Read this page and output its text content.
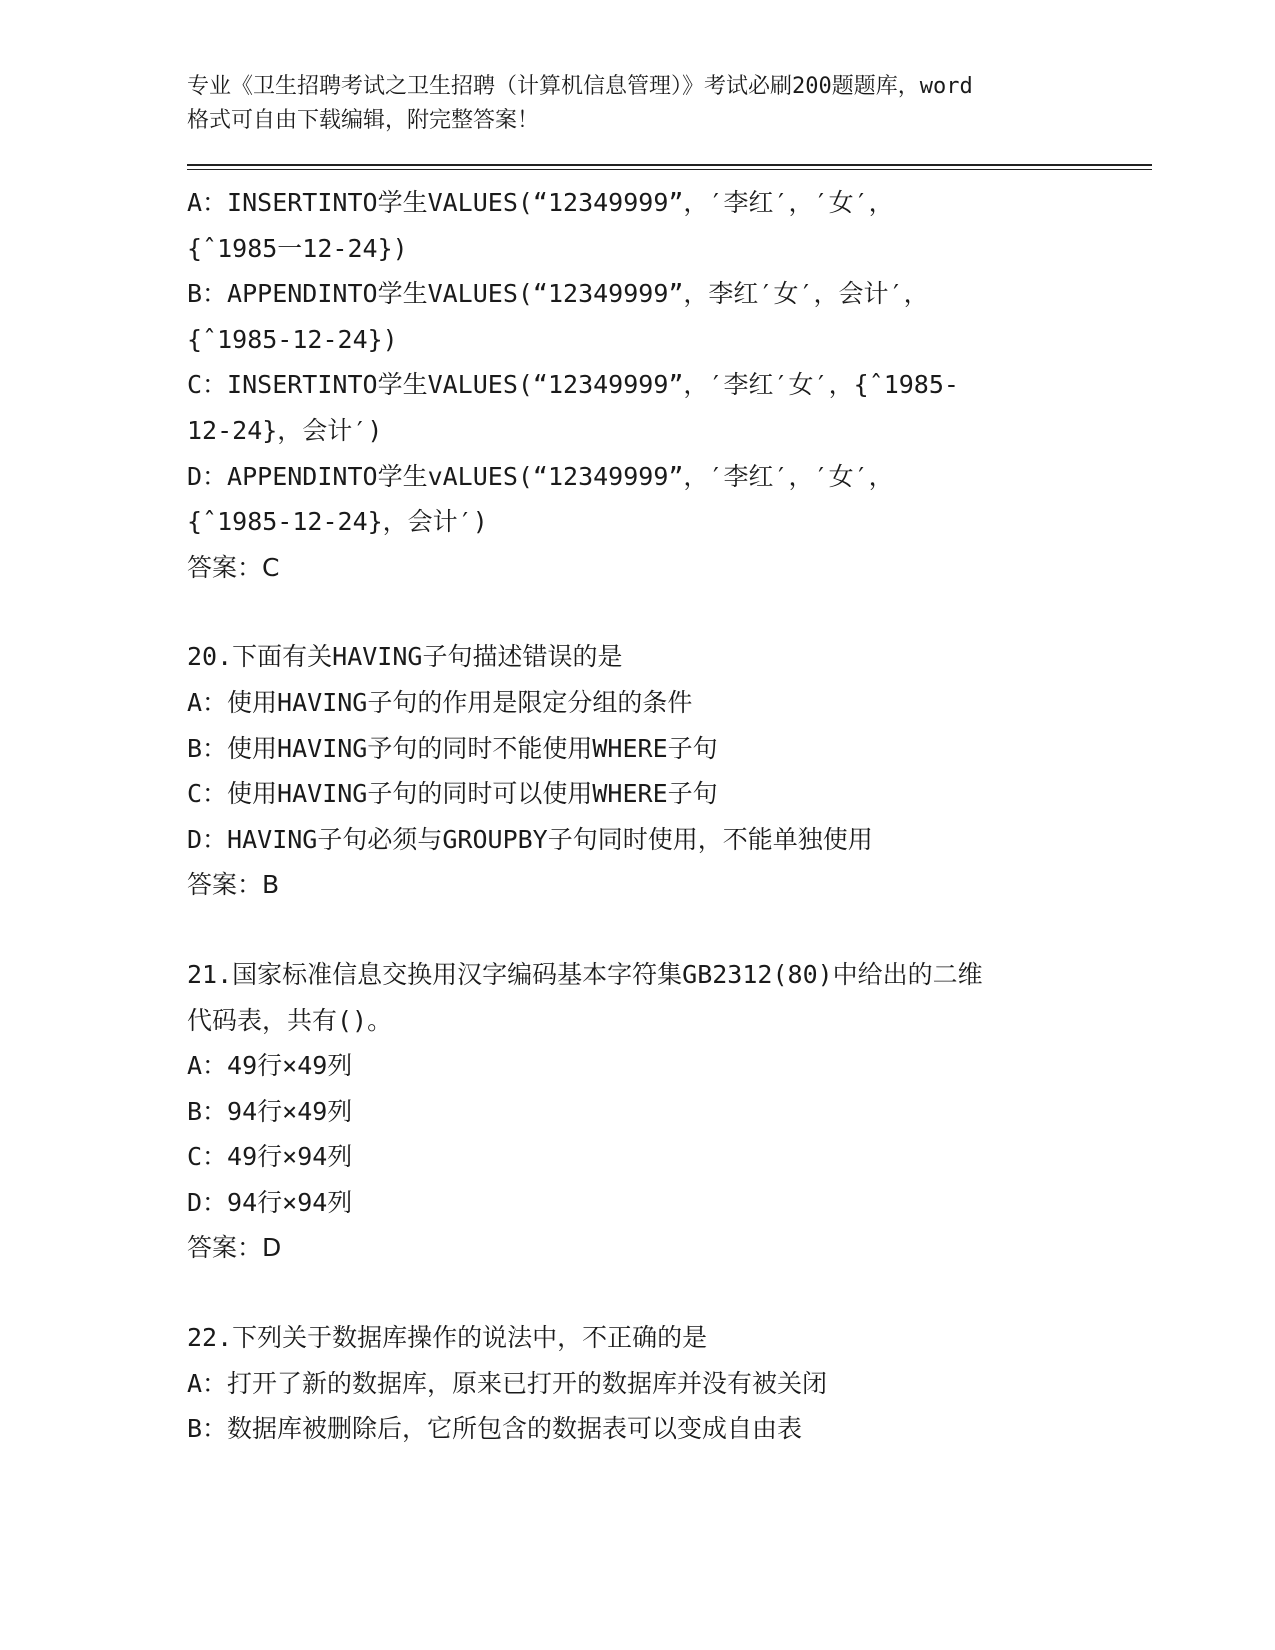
专业《卫生招聘考试之卫生招聘（计算机信息管理）》考试必刷200题题库，word

格式可自由下载编辑，附完整答案！

A：INSERTINTO学生VALUES(“12349999”，′李红′，′女′，

{ˆ1985一12-24})

B：APPENDINTO学生VALUES(“12349999”，李红′女′，会计′，

{ˆ1985-12-24})

C：INSERTINTO学生VALUES(“12349999”，′李红′女′，{ˆ1985-

12-24}，会计′)

D：APPENDINTO学生vALUES(“12349999”，′李红′，′女′，

{ˆ1985-12-24}，会计′)

答案：C

20.下面有关HAVING子句描述错误的是

A：使用HAVING子句的作用是限定分组的条件

B：使用HAVING予句的同时不能使用WHERE子句

C：使用HAVING子句的同时可以使用WHERE子句

D：HAVING子句必须与GROUPBY子句同时使用，不能单独使用

答案：B

21.国家标准信息交换用汉字编码基本字符集GB2312(80)中给出的二维

代码表，共有()。

A：49行×49列

B：94行×49列

C：49行×94列

D：94行×94列

答案：D

22.下列关于数据库操作的说法中，不正确的是

A：打开了新的数据库，原来已打开的数据库并没有被关闭

B：数据库被删除后，它所包含的数据表可以变成自由表
